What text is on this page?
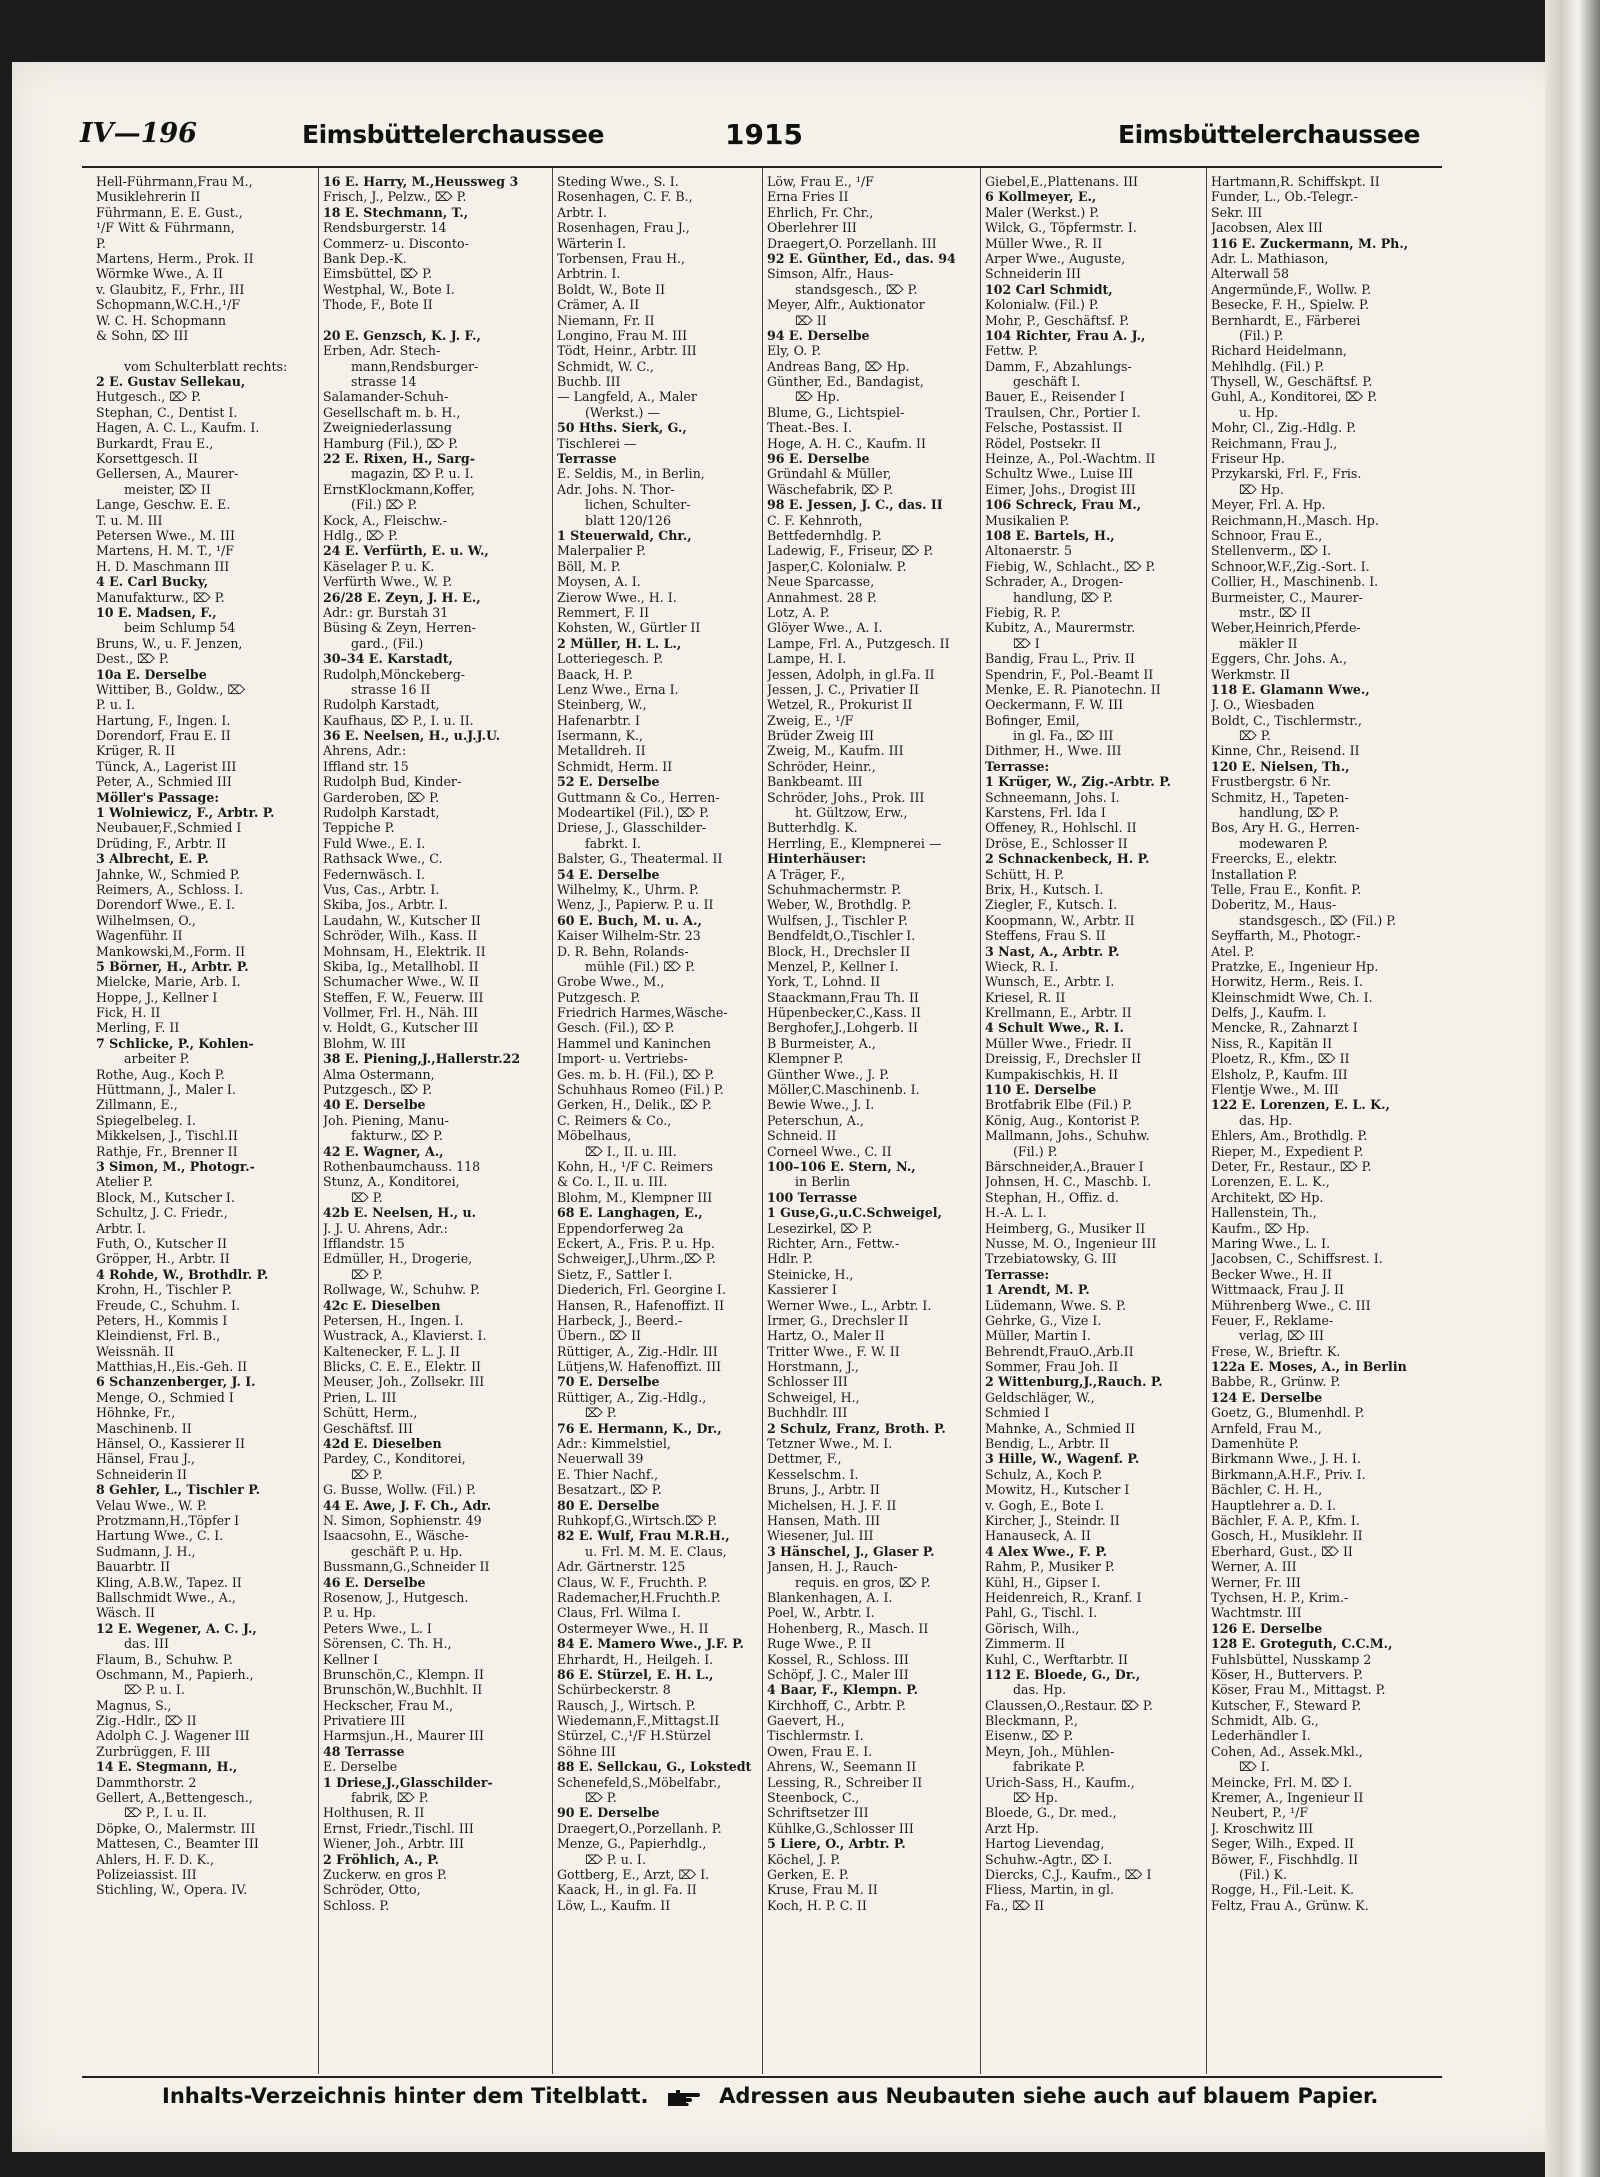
IV—196	Eimsbüttelerchaussee	1915	Eimsbüttelerchaussee
Hell-Führmann,Frau M.,
Musiklehrerin II
Führmann, E. E. Gust.,
¹/F Witt & Führmann,
P.
Martens, Herm., Prok. II
Wörmke Wwe., A. II
v. Glaubitz, F., Frhr., III
Schopmann,W.C.H.,¹/F
W. C. H. Schopmann
& Sohn, ⌦ III
vom Schulterblatt rechts:
2 E. Gustav Sellekau,
Hutgesch., ⌦ P.
Stephan, C., Dentist I.
Hagen, A. C. L., Kaufm. I.
Burkardt, Frau E.,
Korsettgesch. II
Gellersen, A., Maurer-
meister, ⌦ II
Lange, Geschw. E. E.
T. u. M. III
Petersen Wwe., M. III
Martens, H. M. T., ¹/F
H. D. Maschmann III
4 E. Carl Bucky,
Manufakturw., ⌦ P.
10 E. Madsen, F.,
beim Schlump 54
Bruns, W., u. F. Jenzen,
Dest., ⌦ P.
10a E. Derselbe
Wittiber, B., Goldw., ⌦
P. u. I.
Hartung, F., Ingen. I.
Dorendorf, Frau E. II
Krüger, R. II
Tünck, A., Lagerist III
Peter, A., Schmied III
Möller's Passage:
1 Wolniewicz, F., Arbtr. P.
Neubauer,F.,Schmied I
Drüding, F., Arbtr. II
3 Albrecht, E. P.
Jahnke, W., Schmied P.
Reimers, A., Schloss. I.
Dorendorf Wwe., E. I.
Wilhelmsen, O.,
Wagenführ. II
Mankowski,M.,Form. II
5 Börner, H., Arbtr. P.
Mielcke, Marie, Arb. I.
Hoppe, J., Kellner I
Fick, H. II
Merling, F. II
7 Schlicke, P., Kohlen-
arbeiter P.
Rothe, Aug., Koch P.
Hüttmann, J., Maler I.
Zillmann, E.,
Spiegelbeleg. I.
Mikkelsen, J., Tischl.II
Rathje, Fr., Brenner II
3 Simon, M., Photogr.-
Atelier P.
Block, M., Kutscher I.
Schultz, J. C. Friedr.,
Arbtr. I.
Futh, O., Kutscher II
Gröpper, H., Arbtr. II
4 Rohde, W., Brothdlr. P.
Krohn, H., Tischler P.
Freude, C., Schuhm. I.
Peters, H., Kommis I
Kleindienst, Frl. B.,
Weissnäh. II
Matthias,H.,Eis.-Geh. II
6 Schanzenberger, J. I.
Menge, O., Schmied I
Höhnke, Fr.,
Maschinenb. II
Hänsel, O., Kassierer II
Hänsel, Frau J.,
Schneiderin II
8 Gehler, L., Tischler P.
Velau Wwe., W. P.
Protzmann,H.,Töpfer I
Hartung Wwe., C. I.
Sudmann, J. H.,
Bauarbtr. II
Kling, A.B.W., Tapez. II
Ballschmidt Wwe., A.,
Wäsch. II
12 E. Wegener, A. C. J.,
das. III
Flaum, B., Schuhw. P.
Oschmann, M., Papierh.,
⌦ P. u. I.
Magnus, S.,
Zig.-Hdlr., ⌦ II
Adolph C. J. Wagener III
Zurbrüggen, F. III
14 E. Stegmann, H.,
Dammthorstr. 2
Gellert, A.,Bettengesch.,
⌦ P., I. u. II.
Döpke, O., Malermstr. III
Mattesen, C., Beamter III
Ahlers, H. F. D. K.,
Polizeiassist. III
Stichling, W., Opera. IV.
16 E. Harry, M.,Heussweg 3
Frisch, J., Pelzw., ⌦ P.
18 E. Stechmann, T.,
Rendsburgerstr. 14
Commerz- u. Disconto-
Bank Dep.-K.
Eimsbüttel, ⌦ P.
Westphal, W., Bote I.
Thode, F., Bote II
20 E. Genzsch, K. J. F.,
Erben, Adr. Stech-
mann,Rendsburger-
strasse 14
Salamander-Schuh-
Gesellschaft m. b. H.,
Zweigniederlassung
Hamburg (Fil.), ⌦ P.
22 E. Rixen, H., Sarg-
magazin, ⌦ P. u. I.
ErnstKlockmann,Koffer,
(Fil.) ⌦ P.
Kock, A., Fleischw.-
Hdlg., ⌦ P.
24 E. Verfürth, E. u. W.,
Käselager P. u. K.
Verfürth Wwe., W. P.
26/28 E. Zeyn, J. H. E.,
Adr.: gr. Burstah 31
Büsing & Zeyn, Herren-
gard., (Fil.)
30–34 E. Karstadt,
Rudolph,Mönckeberg-
strasse 16 II
Rudolph Karstadt,
Kaufhaus, ⌦ P., I. u. II.
36 E. Neelsen, H., u.J.J.U.
Ahrens, Adr.:
Iffland str. 15
Rudolph Bud, Kinder-
Garderoben, ⌦ P.
Rudolph Karstadt,
Teppiche P.
Fuld Wwe., E. I.
Rathsack Wwe., C.
Federnwäsch. I.
Vus, Cas., Arbtr. I.
Skiba, Jos., Arbtr. I.
Laudahn, W., Kutscher II
Schröder, Wilh., Kass. II
Mohnsam, H., Elektrik. II
Skiba, Ig., Metallhobl. II
Schumacher Wwe., W. II
Steffen, F. W., Feuerw. III
Vollmer, Frl. H., Näh. III
v. Holdt, G., Kutscher III
Blohm, W. III
38 E. Piening,J.,Hallerstr.22
Alma Ostermann,
Putzgesch., ⌦ P.
40 E. Derselbe
Joh. Piening, Manu-
fakturw., ⌦ P.
42 E. Wagner, A.,
Rothenbaumchauss. 118
Stunz, A., Konditorei,
⌦ P.
42b E. Neelsen, H., u.
J. J. U. Ahrens, Adr.:
Ifflandstr. 15
Edmüller, H., Drogerie,
⌦ P.
Rollwage, W., Schuhw. P.
42c E. Dieselben
Petersen, H., Ingen. I.
Wustrack, A., Klavierst. I.
Kaltenecker, F. L. J. II
Blicks, C. E. E., Elektr. II
Meuser, Joh., Zollsekr. III
Prien, L. III
Schütt, Herm.,
Geschäftsf. III
42d E. Dieselben
Pardey, C., Konditorei,
⌦ P.
G. Busse, Wollw. (Fil.) P.
44 E. Awe, J. F. Ch., Adr.
N. Simon, Sophienstr. 49
Isaacsohn, E., Wäsche-
geschäft P. u. Hp.
Bussmann,G.,Schneider II
46 E. Derselbe
Rosenow, J., Hutgesch.
P. u. Hp.
Peters Wwe., L. I
Sörensen, C. Th. H.,
Kellner I
Brunschön,C., Klempn. II
Brunschön,W.,Buchhlt. II
Heckscher, Frau M.,
Privatiere III
Harmsjun.,H., Maurer III
48 Terrasse
E. Derselbe
1 Driese,J.,Glasschilder-
fabrik, ⌦ P.
Holthusen, R. II
Ernst, Friedr.,Tischl. III
Wiener, Joh., Arbtr. III
2 Fröhlich, A., P.
Zuckerw. en gros P.
Schröder, Otto,
Schloss. P.
Steding Wwe., S. I.
Rosenhagen, C. F. B.,
Arbtr. I.
Rosenhagen, Frau J.,
Wärterin I.
Torbensen, Frau H.,
Arbtrin. I.
Boldt, W., Bote II
Crämer, A. II
Niemann, Fr. II
Longino, Frau M. III
Tödt, Heinr., Arbtr. III
Schmidt, W. C.,
Buchb. III
— Langfeld, A., Maler
(Werkst.) —
50 Hths. Sierk, G.,
Tischlerei —
Terrasse
E. Seldis, M., in Berlin,
Adr. Johs. N. Thor-
lichen, Schulter-
blatt 120/126
1 Steuerwald, Chr.,
Malerpalier P.
Böll, M. P.
Moysen, A. I.
Zierow Wwe., H. I.
Remmert, F. II
Kohsten, W., Gürtler II
2 Müller, H. L. L.,
Lotteriegesch. P.
Baack, H. P.
Lenz Wwe., Erna I.
Steinberg, W.,
Hafenarbtr. I
Isermann, K.,
Metalldreh. II
Schmidt, Herm. II
52 E. Derselbe
Guttmann & Co., Herren-
Modeartikel (Fil.), ⌦ P.
Driese, J., Glasschilder-
fabrkt. I.
Balster, G., Theatermal. II
54 E. Derselbe
Wilhelmy, K., Uhrm. P.
Wenz, J., Papierw. P. u. II
60 E. Buch, M. u. A.,
Kaiser Wilhelm-Str. 23
D. R. Behn, Rolands-
mühle (Fil.) ⌦ P.
Grobe Wwe., M.,
Putzgesch. P.
Friedrich Harmes,Wäsche-
Gesch. (Fil.), ⌦ P.
Hammel und Kaninchen
Import- u. Vertriebs-
Ges. m. b. H. (Fil.), ⌦ P.
Schuhhaus Romeo (Fil.) P.
Gerken, H., Delik., ⌦ P.
C. Reimers & Co.,
Möbelhaus,
⌦ I., II. u. III.
Kohn, H., ¹/F C. Reimers
& Co. I., II. u. III.
Blohm, M., Klempner III
68 E. Langhagen, E.,
Eppendorferweg 2a
Eckert, A., Fris. P. u. Hp.
Schweiger,J.,Uhrm.,⌦ P.
Sietz, F., Sattler I.
Diederich, Frl. Georgine I.
Hansen, R., Hafenoffizt. II
Harbeck, J., Beerd.-
Übern., ⌦ II
Rüttiger, A., Zig.-Hdlr. III
Lütjens,W. Hafenoffizt. III
70 E. Derselbe
Rüttiger, A., Zig.-Hdlg.,
⌦ P.
76 E. Hermann, K., Dr.,
Adr.: Kimmelstiel,
Neuerwall 39
E. Thier Nachf.,
Besatzart., ⌦ P.
80 E. Derselbe
Ruhkopf,G.,Wirtsch.⌦ P.
82 E. Wulf, Frau M.R.H.,
u. Frl. M. M. E. Claus,
Adr. Gärtnerstr. 125
Claus, W. F., Fruchth. P.
Rademacher,H.Fruchth.P.
Claus, Frl. Wilma I.
Ostermeyer Wwe., H. II
84 E. Mamero Wwe., J.F. P.
Ehrhardt, H., Heilgeh. I.
86 E. Stürzel, E. H. L.,
Schürbeckerstr. 8
Rausch, J., Wirtsch. P.
Wiedemann,F.,Mittagst.II
Stürzel, C.,¹/F H.Stürzel
Söhne III
88 E. Sellckau, G., Lokstedt
Schenefeld,S.,Möbelfabr.,
⌦ P.
90 E. Derselbe
Draegert,O.,Porzellanh. P.
Menze, G., Papierhdlg.,
⌦ P. u. I.
Gottberg, E., Arzt, ⌦ I.
Kaack, H., in gl. Fa. II
Löw, L., Kaufm. II
Löw, Frau E., ¹/F
Erna Fries II
Ehrlich, Fr. Chr.,
Oberlehrer III
Draegert,O. Porzellanh. III
92 E. Günther, Ed., das. 94
Simson, Alfr., Haus-
standsgesch., ⌦ P.
Meyer, Alfr., Auktionator
⌦ II
94 E. Derselbe
Ely, O. P.
Andreas Bang, ⌦ Hp.
Günther, Ed., Bandagist,
⌦ Hp.
Blume, G., Lichtspiel-
Theat.-Bes. I.
Hoge, A. H. C., Kaufm. II
96 E. Derselbe
Gründahl & Müller,
Wäschefabrik, ⌦ P.
98 E. Jessen, J. C., das. II
C. F. Kehnroth,
Bettfedernhdlg. P.
Ladewig, F., Friseur, ⌦ P.
Jasper,C. Kolonialw. P.
Neue Sparcasse,
Annahmest. 28 P.
Lotz, A. P.
Glöyer Wwe., A. I.
Lampe, Frl. A., Putzgesch. II
Lampe, H. I.
Jessen, Adolph, in gl.Fa. II
Jessen, J. C., Privatier II
Wetzel, R., Prokurist II
Zweig, E., ¹/F
Brüder Zweig III
Zweig, M., Kaufm. III
Schröder, Heinr.,
Bankbeamt. III
Schröder, Johs., Prok. III
ht. Gültzow, Erw.,
Butterhdlg. K.
Herrling, E., Klempnerei —
Hinterhäuser:
A Träger, F.,
Schuhmachermstr. P.
Weber, W., Brothdlg. P.
Wulfsen, J., Tischler P.
Bendfeldt,O.,Tischler I.
Block, H., Drechsler II
Menzel, P., Kellner I.
York, T., Lohnd. II
Staackmann,Frau Th. II
Hüpenbecker,C.,Kass. II
Berghofer,J.,Lohgerb. II
B Burmeister, A.,
Klempner P.
Günther Wwe., J. P.
Möller,C.Maschinenb. I.
Bewie Wwe., J. I.
Peterschun, A.,
Schneid. II
Corneel Wwe., C. II
100–106 E. Stern, N.,
in Berlin
100 Terrasse
1 Guse,G.,u.C.Schweigel,
Lesezirkel, ⌦ P.
Richter, Arn., Fettw.-
Hdlr. P.
Steinicke, H.,
Kassierer I
Werner Wwe., L., Arbtr. I.
Irmer, G., Drechsler II
Hartz, O., Maler II
Tritter Wwe., F. W. II
Horstmann, J.,
Schlosser III
Schweigel, H.,
Buchhdlr. III
2 Schulz, Franz, Broth. P.
Tetzner Wwe., M. I.
Dettmer, F.,
Kesselschm. I.
Bruns, J., Arbtr. II
Michelsen, H. J. F. II
Hansen, Math. III
Wiesener, Jul. III
3 Hänschel, J., Glaser P.
Jansen, H. J., Rauch-
requis. en gros, ⌦ P.
Blankenhagen, A. I.
Poel, W., Arbtr. I.
Hohenberg, R., Masch. II
Ruge Wwe., P. II
Kossel, R., Schloss. III
Schöpf, J. C., Maler III
4 Baar, F., Klempn. P.
Kirchhoff, C., Arbtr. P.
Gaevert, H.,
Tischlermstr. I.
Owen, Frau E. I.
Ahrens, W., Seemann II
Lessing, R., Schreiber II
Steenbock, C.,
Schriftsetzer III
Kühlke,G.,Schlosser III
5 Liere, O., Arbtr. P.
Köchel, J. P.
Gerken, E. P.
Kruse, Frau M. II
Koch, H. P. C. II
Giebel,E.,Plattenans. III
6 Kollmeyer, E.,
Maler (Werkst.) P.
Wilck, G., Töpfermstr. I.
Müller Wwe., R. II
Arper Wwe., Auguste,
Schneiderin III
102 Carl Schmidt,
Kolonialw. (Fil.) P.
Mohr, P., Geschäftsf. P.
104 Richter, Frau A. J.,
Fettw. P.
Damm, F., Abzahlungs-
geschäft I.
Bauer, E., Reisender I
Traulsen, Chr., Portier I.
Felsche, Postassist. II
Rödel, Postsekr. II
Heinze, A., Pol.-Wachtm. II
Schultz Wwe., Luise III
Eimer, Johs., Drogist III
106 Schreck, Frau M.,
Musikalien P.
108 E. Bartels, H.,
Altonaerstr. 5
Fiebig, W., Schlacht., ⌦ P.
Schrader, A., Drogen-
handlung, ⌦ P.
Fiebig, R. P.
Kubitz, A., Maurermstr.
⌦ I
Bandig, Frau L., Priv. II
Spendrin, F., Pol.-Beamt II
Menke, E. R. Pianotechn. II
Oeckermann, F. W. III
Bofinger, Emil,
in gl. Fa., ⌦ III
Dithmer, H., Wwe. III
Terrasse:
1 Krüger, W., Zig.-Arbtr. P.
Schneemann, Johs. I.
Karstens, Frl. Ida I
Offeney, R., Hohlschl. II
Dröse, E., Schlosser II
2 Schnackenbeck, H. P.
Schütt, H. P.
Brix, H., Kutsch. I.
Ziegler, F., Kutsch. I.
Koopmann, W., Arbtr. II
Steffens, Frau S. II
3 Nast, A., Arbtr. P.
Wieck, R. I.
Wunsch, E., Arbtr. I.
Kriesel, R. II
Krellmann, E., Arbtr. II
4 Schult Wwe., R. I.
Müller Wwe., Friedr. II
Dreissig, F., Drechsler II
Kumpakischkis, H. II
110 E. Derselbe
Brotfabrik Elbe (Fil.) P.
König, Aug., Kontorist P.
Mallmann, Johs., Schuhw.
(Fil.) P.
Bärschneider,A.,Brauer I
Johnsen, H. C., Maschb. I.
Stephan, H., Offiz. d.
H.-A. L. I.
Heimberg, G., Musiker II
Nusse, M. O., Ingenieur III
Trzebiatowsky, G. III
Terrasse:
1 Arendt, M. P.
Lüdemann, Wwe. S. P.
Gehrke, G., Vize I.
Müller, Martin I.
Behrendt,FrauO.,Arb.II
Sommer, Frau Joh. II
2 Wittenburg,J.,Rauch. P.
Geldschläger, W.,
Schmied I
Mahnke, A., Schmied II
Bendig, L., Arbtr. II
3 Hille, W., Wagenf. P.
Schulz, A., Koch P.
Mowitz, H., Kutscher I
v. Gogh, E., Bote I.
Kircher, J., Steindr. II
Hanauseck, A. II
4 Alex Wwe., F. P.
Rahm, P., Musiker P.
Kühl, H., Gipser I.
Heidenreich, R., Kranf. I
Pahl, G., Tischl. I.
Görisch, Wilh.,
Zimmerm. II
Kuhl, C., Werftarbtr. II
112 E. Bloede, G., Dr.,
das. Hp.
Claussen,O.,Restaur. ⌦ P.
Bleckmann, P.,
Eisenw., ⌦ P.
Meyn, Joh., Mühlen-
fabrikate P.
Urich-Sass, H., Kaufm.,
⌦ Hp.
Bloede, G., Dr. med.,
Arzt Hp.
Hartog Lievendag,
Schuhw.-Agtr., ⌦ I.
Diercks, C.J., Kaufm., ⌦ I
Fliess, Martin, in gl.
Fa., ⌦ II
Hartmann,R. Schiffskpt. II
Funder, L., Ob.-Telegr.-
Sekr. III
Jacobsen, Alex III
116 E. Zuckermann, M. Ph.,
Adr. L. Mathiason,
Alterwall 58
Angermünde,F., Wollw. P.
Besecke, F. H., Spielw. P.
Bernhardt, E., Färberei
(Fil.) P.
Richard Heidelmann,
Mehlhdlg. (Fil.) P.
Thysell, W., Geschäftsf. P.
Guhl, A., Konditorei, ⌦ P.
u. Hp.
Mohr, Cl., Zig.-Hdlg. P.
Reichmann, Frau J.,
Friseur Hp.
Przykarski, Frl. F., Fris.
⌦ Hp.
Meyer, Frl. A. Hp.
Reichmann,H.,Masch. Hp.
Schnoor, Frau E.,
Stellenverm., ⌦ I.
Schnoor,W.F.,Zig.-Sort. I.
Collier, H., Maschinenb. I.
Burmeister, C., Maurer-
mstr., ⌦ II
Weber,Heinrich,Pferde-
mäkler II
Eggers, Chr. Johs. A.,
Werkmstr. II
118 E. Glamann Wwe.,
J. O., Wiesbaden
Boldt, C., Tischlermstr.,
⌦ P.
Kinne, Chr., Reisend. II
120 E. Nielsen, Th.,
Frustbergstr. 6 Nr.
Schmitz, H., Tapeten-
handlung, ⌦ P.
Bos, Ary H. G., Herren-
modewaren P.
Freercks, E., elektr.
Installation P.
Telle, Frau E., Konfit. P.
Doberitz, M., Haus-
standsgesch., ⌦ (Fil.) P.
Seyffarth, M., Photogr.-
Atel. P.
Pratzke, E., Ingenieur Hp.
Horwitz, Herm., Reis. I.
Kleinschmidt Wwe, Ch. I.
Delfs, J., Kaufm. I.
Mencke, R., Zahnarzt I
Niss, R., Kapitän II
Ploetz, R., Kfm., ⌦ II
Elsholz, P., Kaufm. III
Flentje Wwe., M. III
122 E. Lorenzen, E. L. K.,
das. Hp.
Ehlers, Am., Brothdlg. P.
Rieper, M., Expedient P.
Deter, Fr., Restaur., ⌦ P.
Lorenzen, E. L. K.,
Architekt, ⌦ Hp.
Hallenstein, Th.,
Kaufm., ⌦ Hp.
Maring Wwe., L. I.
Jacobsen, C., Schiffsrest. I.
Becker Wwe., H. II
Wittmaack, Frau J. II
Mührenberg Wwe., C. III
Feuer, F., Reklame-
verlag, ⌦ III
Frese, W., Brieftr. K.
122a E. Moses, A., in Berlin
Babbe, R., Grünw. P.
124 E. Derselbe
Goetz, G., Blumenhdl. P.
Arnfeld, Frau M.,
Damenhüte P.
Birkmann Wwe., J. H. I.
Birkmann,A.H.F., Priv. I.
Bächler, C. H. H.,
Hauptlehrer a. D. I.
Bächler, F. A. P., Kfm. I.
Gosch, H., Musiklehr. II
Eberhard, Gust., ⌦ II
Werner, A. III
Werner, Fr. III
Tychsen, H. P., Krim.-
Wachtmstr. III
126 E. Derselbe
128 E. Groteguth, C.C.M.,
Fuhlsbüttel, Nusskamp 2
Köser, H., Buttervers. P.
Köser, Frau M., Mittagst. P.
Kutscher, F., Steward P.
Schmidt, Alb. G.,
Lederhändler I.
Cohen, Ad., Assek.Mkl.,
⌦ I.
Meincke, Frl. M. ⌦ I.
Kremer, A., Ingenieur II
Neubert, P., ¹/F
J. Kroschwitz III
Seger, Wilh., Exped. II
Böwer, F., Fischhdlg. II
(Fil.) K.
Rogge, H., Fil.-Leit. K.
Feltz, Frau A., Grünw. K.
Inhalts-Verzeichnis hinter dem Titelblatt.	Adressen aus Neubauten siehe auch auf blauem Papier.
